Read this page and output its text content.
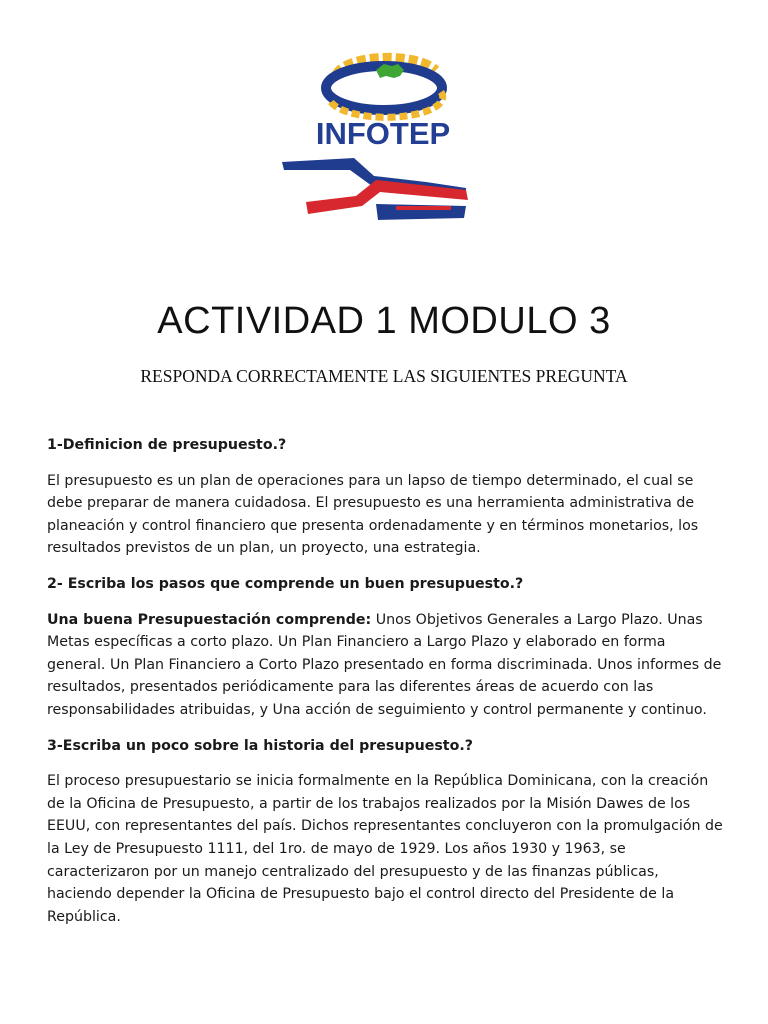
INFOTEP
ACTIVIDAD 1 MODULO 3
RESPONDA CORRECTAMENTE LAS SIGUIENTES PREGUNTA

1-Definicion de presupuesto.?

El presupuesto es un plan de operaciones para un lapso de tiempo determinado, el cual se debe preparar de manera cuidadosa. El presupuesto es una herramienta administrativa de planeación y control financiero que presenta ordenadamente y en términos monetarios, los resultados previstos de un plan, un proyecto, una estrategia.

2- Escriba los pasos que comprende un buen presupuesto.?

Una buena Presupuestación comprende: Unos Objetivos Generales a Largo Plazo. Unas Metas específicas a corto plazo. Un Plan Financiero a Largo Plazo y elaborado en forma general. Un Plan Financiero a Corto Plazo presentado en forma discriminada. Unos informes de resultados, presentados periódicamente para las diferentes áreas de acuerdo con las responsabilidades atribuidas, y Una acción de seguimiento y control permanente y continuo.

3-Escriba un poco sobre la historia del presupuesto.?

El proceso presupuestario se inicia formalmente en la República Dominicana, con la creación de la Oficina de Presupuesto, a partir de los trabajos realizados por la Misión Dawes de los EEUU, con representantes del país. Dichos representantes concluyeron con la promulgación de la Ley de Presupuesto 1111, del 1ro. de mayo de 1929. Los años 1930 y 1963, se caracterizaron por un manejo centralizado del presupuesto y de las finanzas públicas, haciendo depender la Oficina de Presupuesto bajo el control directo del Presidente de la República.
